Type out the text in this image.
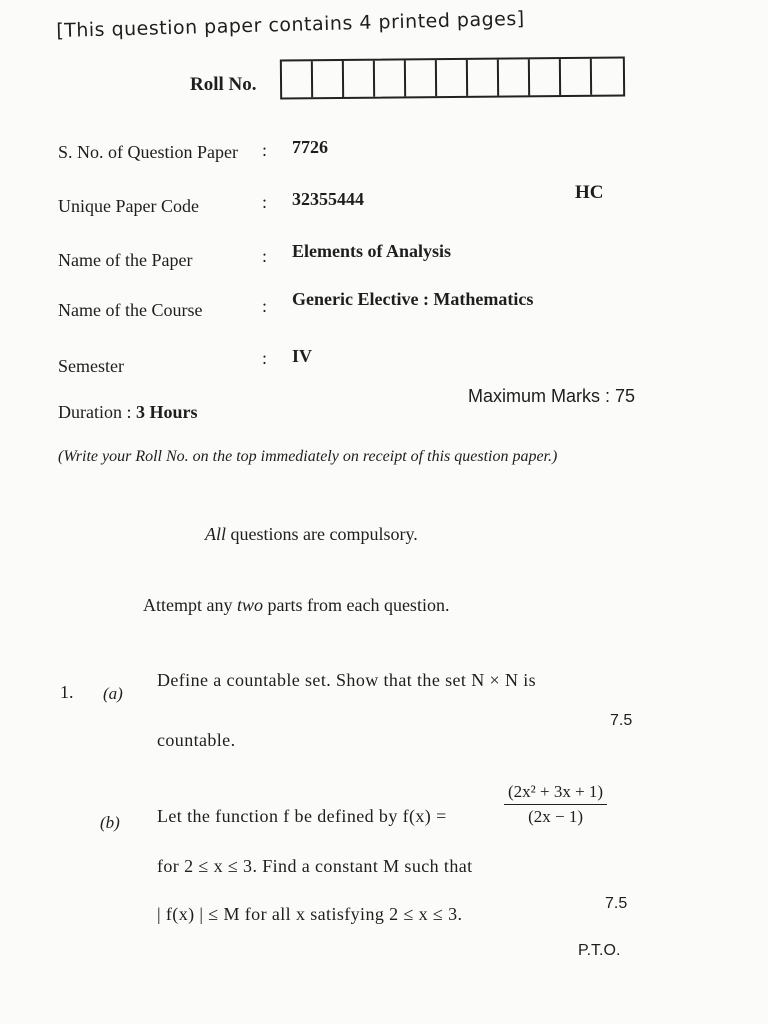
[This question paper contains 4 printed pages]
Roll No.
S. No. of Question Paper : 7726
Unique Paper Code	: 32355444	HC
Name of the Paper	: Elements of Analysis
Name of the Course	: Generic Elective : Mathematics
Semester	: IV
Duration : 3 Hours
Maximum Marks : 75
(Write your Roll No. on the top immediately on receipt of this question paper.)
All questions are compulsory.
Attempt any two parts from each question.
1. (a)
Define a countable set. Show that the set N × N is
countable.
7.5
(b) Let the function f be defined by f(x) =	$\frac{\text{(2x² + 3x + 1)}}{(2x - 1)}$
for 2 ≤ x ≤ 3. Find a constant M such that
| f(x) | ≤ M for all x satisfying 2 ≤ x ≤ 3.
7.5
P.T.O.
